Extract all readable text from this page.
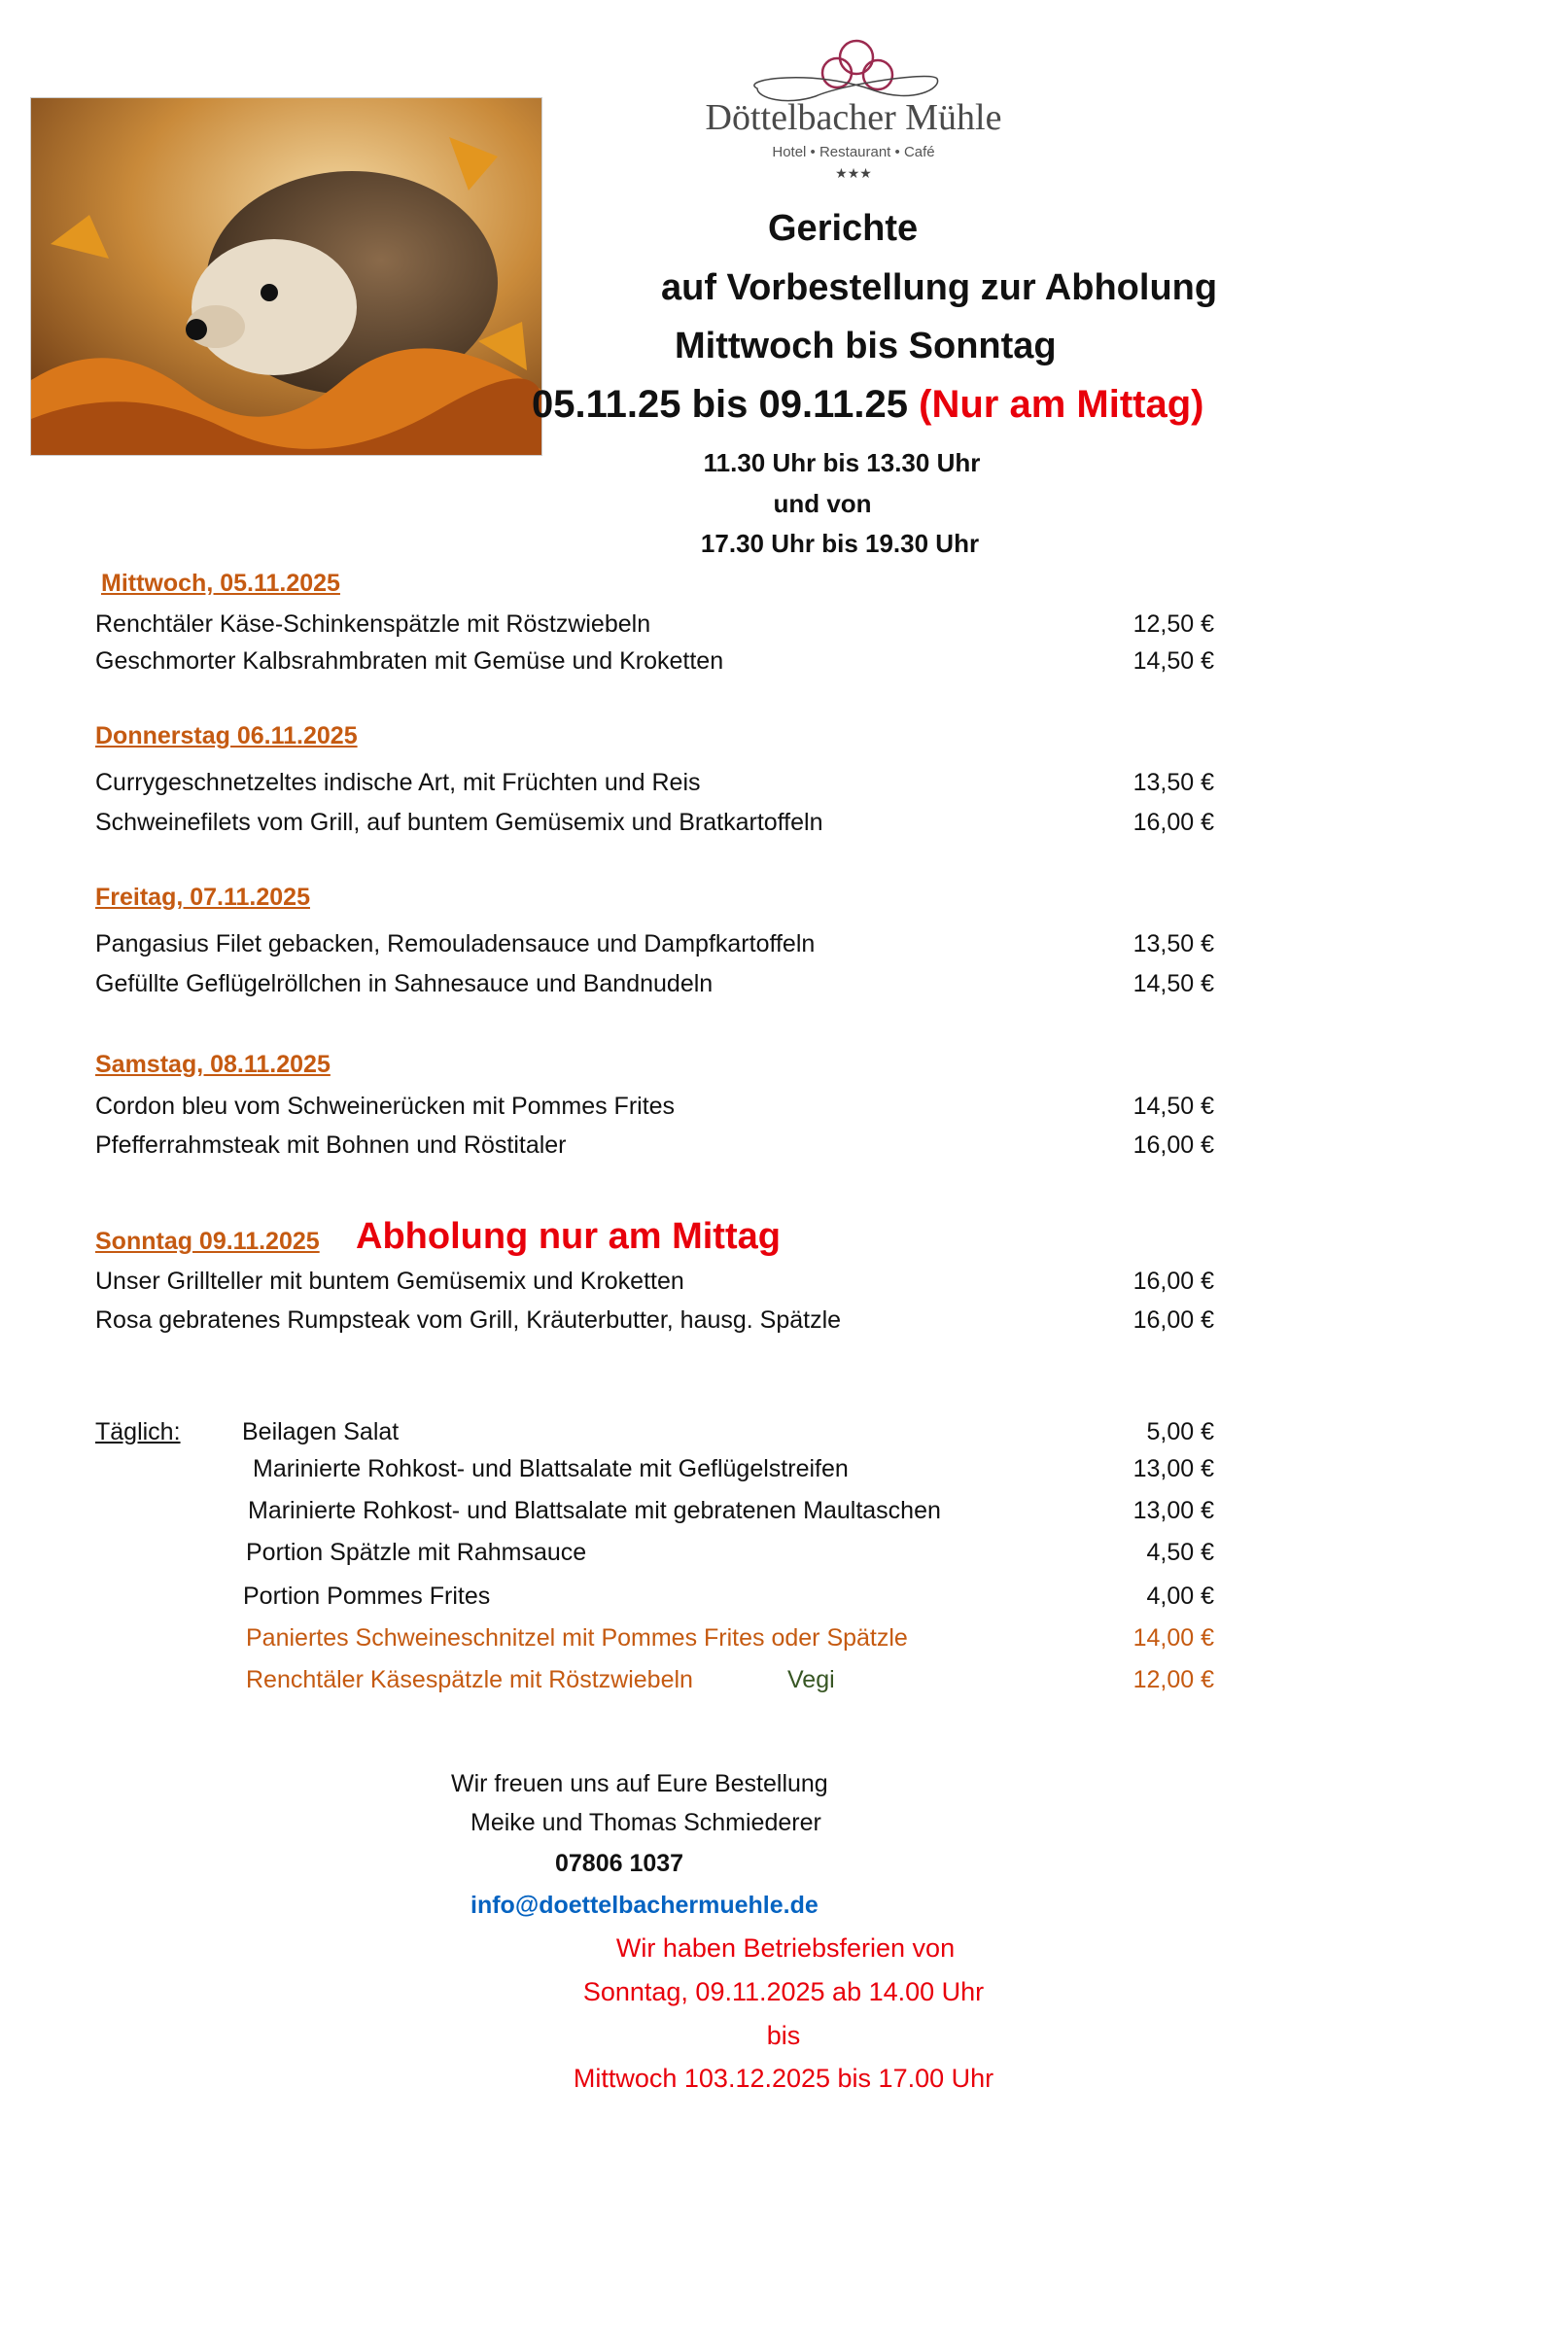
Döttelbacher Mühle
Hotel • Restaurant • Café
★★★
Gerichte
auf Vorbestellung zur Abholung
Mittwoch bis Sonntag
05.11.25 bis 09.11.25 (Nur am Mittag)
11.30 Uhr bis 13.30 Uhr
und von
17.30 Uhr bis 19.30 Uhr
Mittwoch, 05.11.2025
Renchtäler Käse-Schinkenspätzle mit Röstzwiebeln	12,50 €
Geschmorter Kalbsrahmbraten mit Gemüse und Kroketten	14,50 €
Donnerstag 06.11.2025
Currygeschnetzeltes indische Art, mit Früchten und Reis	13,50 €
Schweinefilets vom Grill, auf buntem Gemüsemix und Bratkartoffeln	16,00 €
Freitag, 07.11.2025
Pangasius Filet gebacken, Remouladensauce und Dampfkartoffeln	13,50 €
Gefüllte Geflügelröllchen in Sahnesauce und Bandnudeln	14,50 €
Samstag, 08.11.2025
Cordon bleu vom Schweinerücken mit Pommes Frites	14,50 €
Pfefferrahmsteak mit Bohnen und Röstitaler	16,00 €
Sonntag 09.11.2025 Abholung nur am Mittag
Unser Grillteller mit buntem Gemüsemix und Kroketten	16,00 €
Rosa gebratenes Rumpsteak vom Grill, Kräuterbutter, hausg. Spätzle	16,00 €
Täglich:	Beilagen Salat	5,00 €
Marinierte Rohkost- und Blattsalate mit Geflügelstreifen	13,00 €
Marinierte Rohkost- und Blattsalate mit gebratenen Maultaschen	13,00 €
Portion Spätzle mit Rahmsauce	4,50 €
Portion Pommes Frites	4,00 €
Paniertes Schweineschnitzel mit Pommes Frites oder Spätzle	14,00 €
Renchtäler Käsespätzle mit Röstzwiebeln	Vegi	12,00 €
Wir freuen uns auf Eure Bestellung
Meike und Thomas Schmiederer
07806 1037
info@doettelbachermuehle.de
Wir haben Betriebsferien von
Sonntag, 09.11.2025 ab 14.00 Uhr
bis
Mittwoch 103.12.2025 bis 17.00 Uhr
